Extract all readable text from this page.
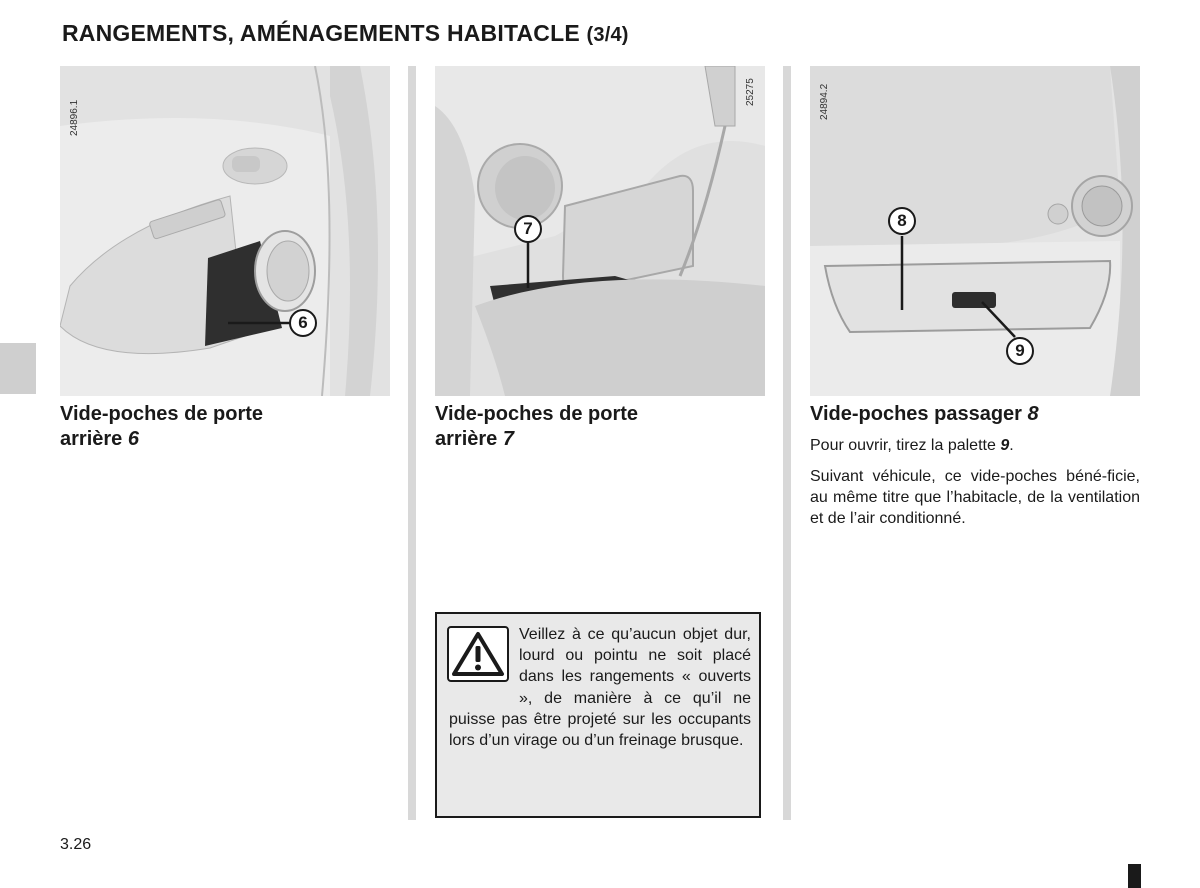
RANGEMENTS, AMÉNAGEMENTS HABITACLE (3/4)
24896.1
6
25275
7
24894.2
8
9
Vide-poches de porte
arrière 6
Vide-poches de porte
arrière 7
Vide-poches passager 8
Pour ouvrir, tirez la palette 9.
Suivant véhicule, ce vide-poches béné-ficie, au même titre que l’habitacle, de la ventilation et de l’air conditionné.

Veillez à ce qu’aucun objet dur, lourd ou pointu ne soit placé dans les rangements « ouverts », de manière à ce qu’il ne puisse pas être projeté sur les occupants lors d’un virage ou d’un freinage brusque.

3.26
